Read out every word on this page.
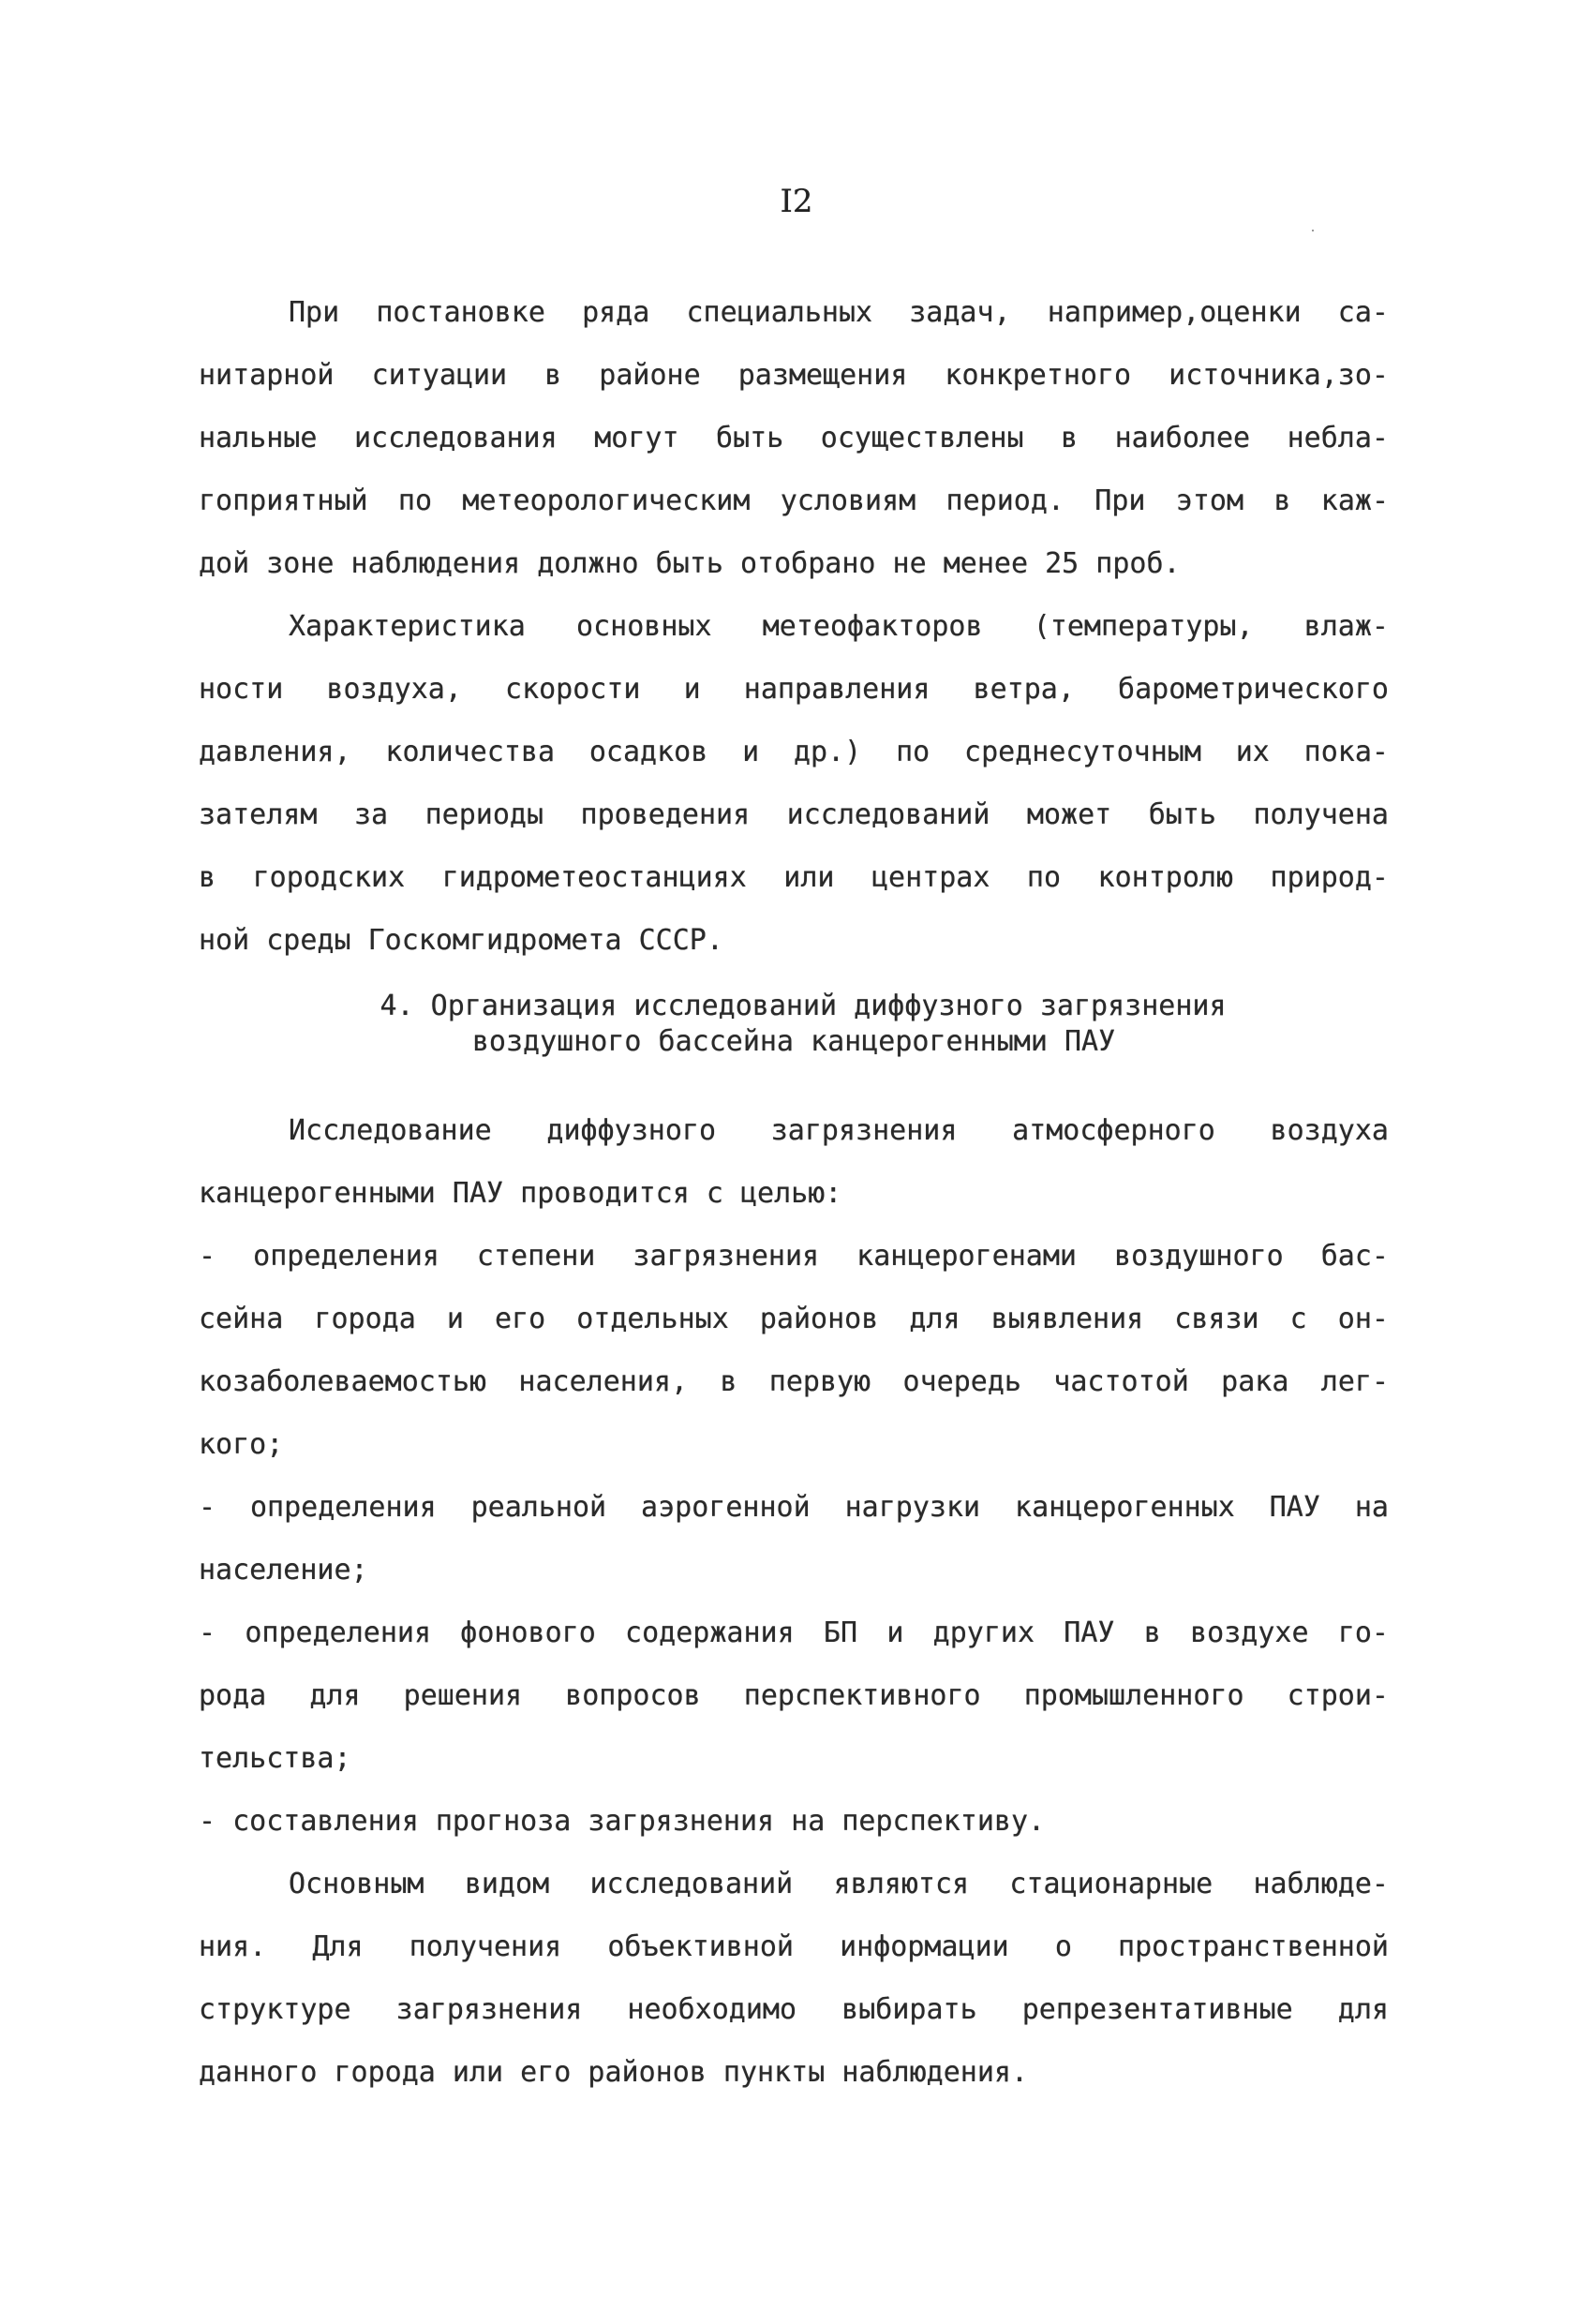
I2
При постановке ряда специальных задач, например,оценки са-
нитарной ситуации в районе размещения конкретного источника,зо-
нальные исследования могут быть осуществлены в наиболее небла-
гоприятный по метеорологическим условиям период. При этом в каж-
дой зоне наблюдения должно быть отобрано не менее 25 проб.
Характеристика основных метеофакторов (температуры, влаж-
ности воздуха, скорости и направления ветра, барометрического
давления, количества осадков и др.) по среднесуточным их пока-
зателям за периоды проведения исследований может быть получена
в городских гидрометеостанциях или центрах по контролю природ-
ной среды Госкомгидромета СССР.
4. Организация исследований диффузного загрязнения
воздушного бассейна канцерогенными ПАУ
Исследование диффузного загрязнения атмосферного воздуха
канцерогенными ПАУ проводится с целью:
- определения степени загрязнения канцерогенами воздушного бас-
сейна города и его отдельных районов для выявления связи с он-
козаболеваемостью населения, в первую очередь частотой рака лег-
кого;
- определения реальной аэрогенной нагрузки канцерогенных ПАУ на
население;
- определения фонового содержания БП и других ПАУ в воздухе го-
рода для решения вопросов перспективного промышленного строи-
тельства;
- составления прогноза загрязнения на перспективу.
Основным видом исследований являются стационарные наблюде-
ния. Для получения объективной информации о пространственной
структуре загрязнения необходимо выбирать репрезентативные для
данного города или его районов пункты наблюдения.
